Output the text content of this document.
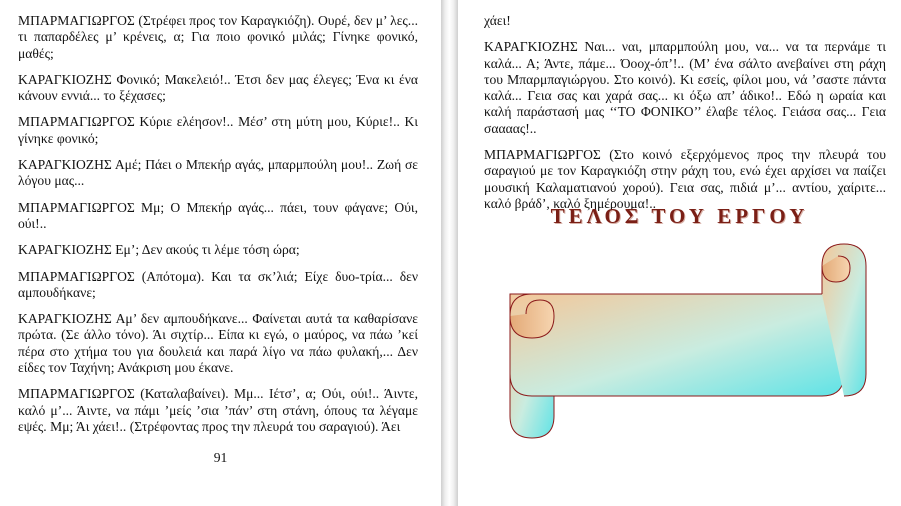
ΜΠΑΡΜΑΓΙΩΡΓΟΣ (Στρέφει προς τον Καραγκιόζη). Ουρέ, δεν μ’ λες... τι παπαρδέλες μ’ κρένεις, α; Για ποιο φονικό μιλάς; Γίνηκε φονικό, μαθές;

ΚΑΡΑΓΚΙΟΖΗΣ Φονικό; Μακελειό!.. Έτσι δεν μας έλεγες; Ένα κι ένα κάνουν εννιά... το ξέχασες;

ΜΠΑΡΜΑΓΙΩΡΓΟΣ Κύριε ελέησον!.. Μέσ’ στη μύτη μου, Κύριε!.. Κι γίνηκε φονικό;

ΚΑΡΑΓΚΙΟΖΗΣ Αμέ; Πάει ο Μπεκήρ αγάς, μπαρμπούλη μου!.. Ζωή σε λόγου μας...

ΜΠΑΡΜΑΓΙΩΡΓΟΣ Μμ; Ο Μπεκήρ αγάς... πάει, τουν φάγανε; Ούι, ούι!..

ΚΑΡΑΓΚΙΟΖΗΣ Εμ’; Δεν ακούς τι λέμε τόση ώρα;

ΜΠΑΡΜΑΓΙΩΡΓΟΣ (Απότομα). Και τα σκ’λιά; Είχε δυο-τρία... δεν αμπουδήκανε;

ΚΑΡΑΓΚΙΟΖΗΣ Αμ’ δεν αμπουδήκανε... Φαίνεται αυτά τα καθαρίσανε πρώτα. (Σε άλλο τόνο). Άι σιχτίρ... Είπα κι εγώ, ο μαύρος, να πάω ’κεί πέρα στο χτήμα του για δουλειά και παρά λίγο να πάω φυλακή,... Δεν είδες τον Ταχήνη; Ανάκριση μου έκανε.

ΜΠΑΡΜΑΓΙΩΡΓΟΣ (Καταλαβαίνει). Μμ... Ιέτσ’, α; Ούι, ούι!.. Άιντε, καλό μ’... Άιντε, να πάμι ’μείς ’σια ’πάν’ στη στάνη, όπους τα λέγαμε εψές. Μμ; Άι χάει!.. (Στρέφοντας προς την πλευρά του σαραγιού). Άει

91

χάει!

ΚΑΡΑΓΚΙΟΖΗΣ Ναι... ναι, μπαρμπούλη μου, να... να τα περνάμε τι καλά... Α; Άντε, πάμε... Όοοχ-όπ’!.. (Μ’ ένα σάλτο ανεβαίνει στη ράχη του Μπαρμπαγιώργου. Στο κοινό). Κι εσείς, φίλοι μου, νά ’σαστε πάντα καλά... Γεια σας και χαρά σας... κι όξω απ’ άδικο!.. Εδώ η ωραία και καλή παράστασή μας ‘‘ΤΟ ΦΟΝΙΚΟ’’ έλαβε τέλος. Γειάσα σας... Γεια σαααας!..

ΜΠΑΡΜΑΓΙΩΡΓΟΣ (Στο κοινό εξερχόμενος προς την πλευρά του σαραγιού με τον Καραγκιόζη στην ράχη του, ενώ έχει αρχίσει να παίζει μουσική Καλαματιανού χορού). Γεια σας, πιδιά μ’... αντίου, χαίριτε... καλό βράδ’, καλό ξημέρουμα!..

ΤΕΛΟΣ ΤΟΥ ΕΡΓΟΥ
